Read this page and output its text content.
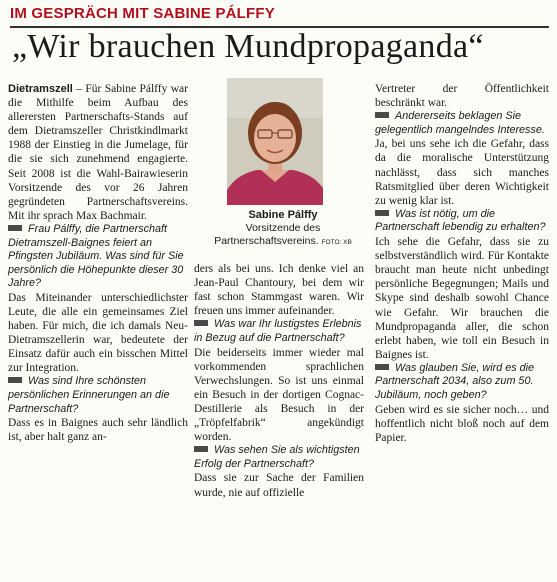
IM GESPRÄCH MIT SABINE PÁLFFY
„Wir brauchen Mundpropaganda“

Dietramszell – Für Sabine Pálffy war die Mithilfe beim Aufbau des allerersten Partnerschafts-Stands auf dem Dietramszeller Christkindlmarkt 1988 der Einstieg in die Jumelage, für die sie sich zunehmend engagierte. Seit 2008 ist die Wahl-Bairawieserin Vorsitzende des vor 26 Jahren gegründeten Partnerschaftsvereins. Mit ihr sprach Max Bachmair.

Frau Pálffy, die Partnerschaft Dietramszell-Baignes feiert an Pfingsten Jubiläum. Was sind für Sie persönlich die Höhepunkte dieser 30 Jahre?

Das Miteinander unterschiedlichster Leute, die alle ein gemeinsames Ziel haben. Für mich, die ich damals Neu-Dietramszellerin war, bedeutete der Einsatz dafür auch ein bisschen Mittel zur Integration.

Was sind Ihre schönsten persönlichen Erinnerungen an die Partnerschaft?

Dass es in Baignes auch sehr ländlich ist, aber halt ganz an-

Sabine Pálffy
Vorsitzende des
Partnerschaftsvereins. FOTO: XB

ders als bei uns. Ich denke viel an Jean-Paul Chantoury, bei dem wir fast schon Stammgast waren. Wir freuen uns immer aufeinander.

Was war Ihr lustigstes Erlebnis in Bezug auf die Partnerschaft?

Die beiderseits immer wieder mal vorkommenden sprachlichen Verwechslungen. So ist uns einmal ein Besuch in der dortigen Cognac-Destillerie als Besuch in der „Tröpfelfabrik“ angekündigt worden.

Was sehen Sie als wichtigsten Erfolg der Partnerschaft?

Dass sie zur Sache der Familien wurde, nie auf offizielle

Vertreter der Öffentlichkeit beschränkt war.

Andererseits beklagen Sie gelegentlich mangelndes Interesse.

Ja, bei uns sehe ich die Gefahr, dass da die moralische Unterstützung nachlässt, dass sich manches Ratsmitglied über deren Wichtigkeit zu wenig klar ist.

Was ist nötig, um die Partnerschaft lebendig zu erhalten?

Ich sehe die Gefahr, dass sie zu selbstverständlich wird. Für Kontakte braucht man heute nicht unbedingt persönliche Begegnungen; Mails und Skype sind deshalb sowohl Chance wie Gefahr. Wir brauchen die Mundpropaganda aller, die schon erlebt haben, wie toll ein Besuch in Baignes ist.

Was glauben Sie, wird es die Partnerschaft 2034, also zum 50. Jubiläum, noch geben?

Geben wird es sie sicher noch… und hoffentlich nicht bloß noch auf dem Papier.
